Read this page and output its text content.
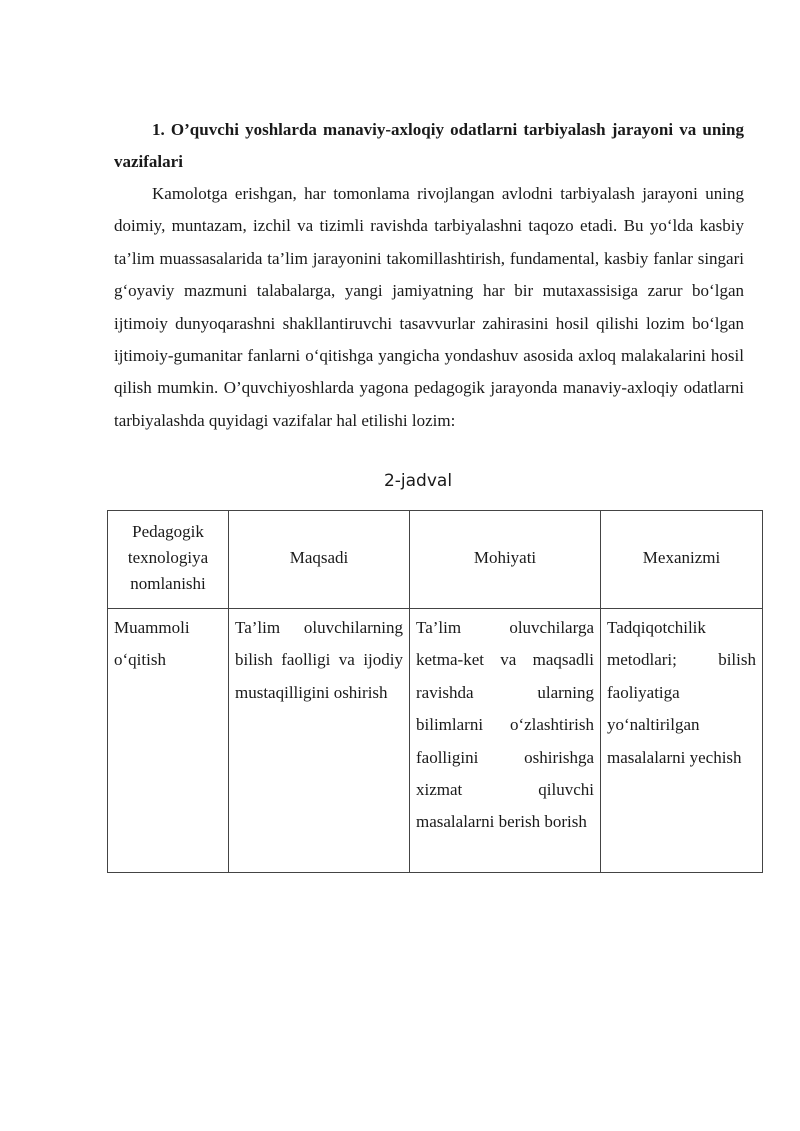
1. O’quvchi yoshlarda manaviy-axloqiy odatlarni tarbiyalash jarayoni va uning vazifalari

Kamolotga erishgan, har tomonlama rivojlangan avlodni tarbiyalash jarayoni uning doimiy, muntazam, izchil va tizimli ravishda tarbiyalashni taqozo etadi. Bu yo‘lda kasbiy ta’lim muassasalarida ta’lim jarayonini takomillashtirish, fundamental, kasbiy fanlar singari g‘oyaviy mazmuni talabalarga, yangi jamiyatning har bir mutaxassisiga zarur bo‘lgan ijtimoiy dunyoqarashni shakllantiruvchi tasavvurlar zahirasini hosil qilishi lozim bo‘lgan ijtimoiy-gumanitar fanlarni o‘qitishga yangicha yondashuv asosida axloq malakalarini hosil qilish mumkin. O’quvchiyoshlarda yagona pedagogik jarayonda manaviy-axloqiy odatlarni tarbiyalashda quyidagi vazifalar hal etilishi lozim:

2-jadval

Pedagogik texnologiya nomlanishi	Maqsadi	Mohiyati	Mexanizmi
Muammoli o‘qitish	Ta’lim oluvchilarning bilish faolligi va ijodiy mustaqilligini oshirish	Ta’lim oluvchilarga ketma-ket va maqsadli ravishda ularning bilimlarni o‘zlashtirish faolligini oshirishga xizmat qiluvchi masalalarni berish borish	Tadqiqotchilik metodlari; bilish faoliyatiga yo‘naltirilgan masalalarni yechish
